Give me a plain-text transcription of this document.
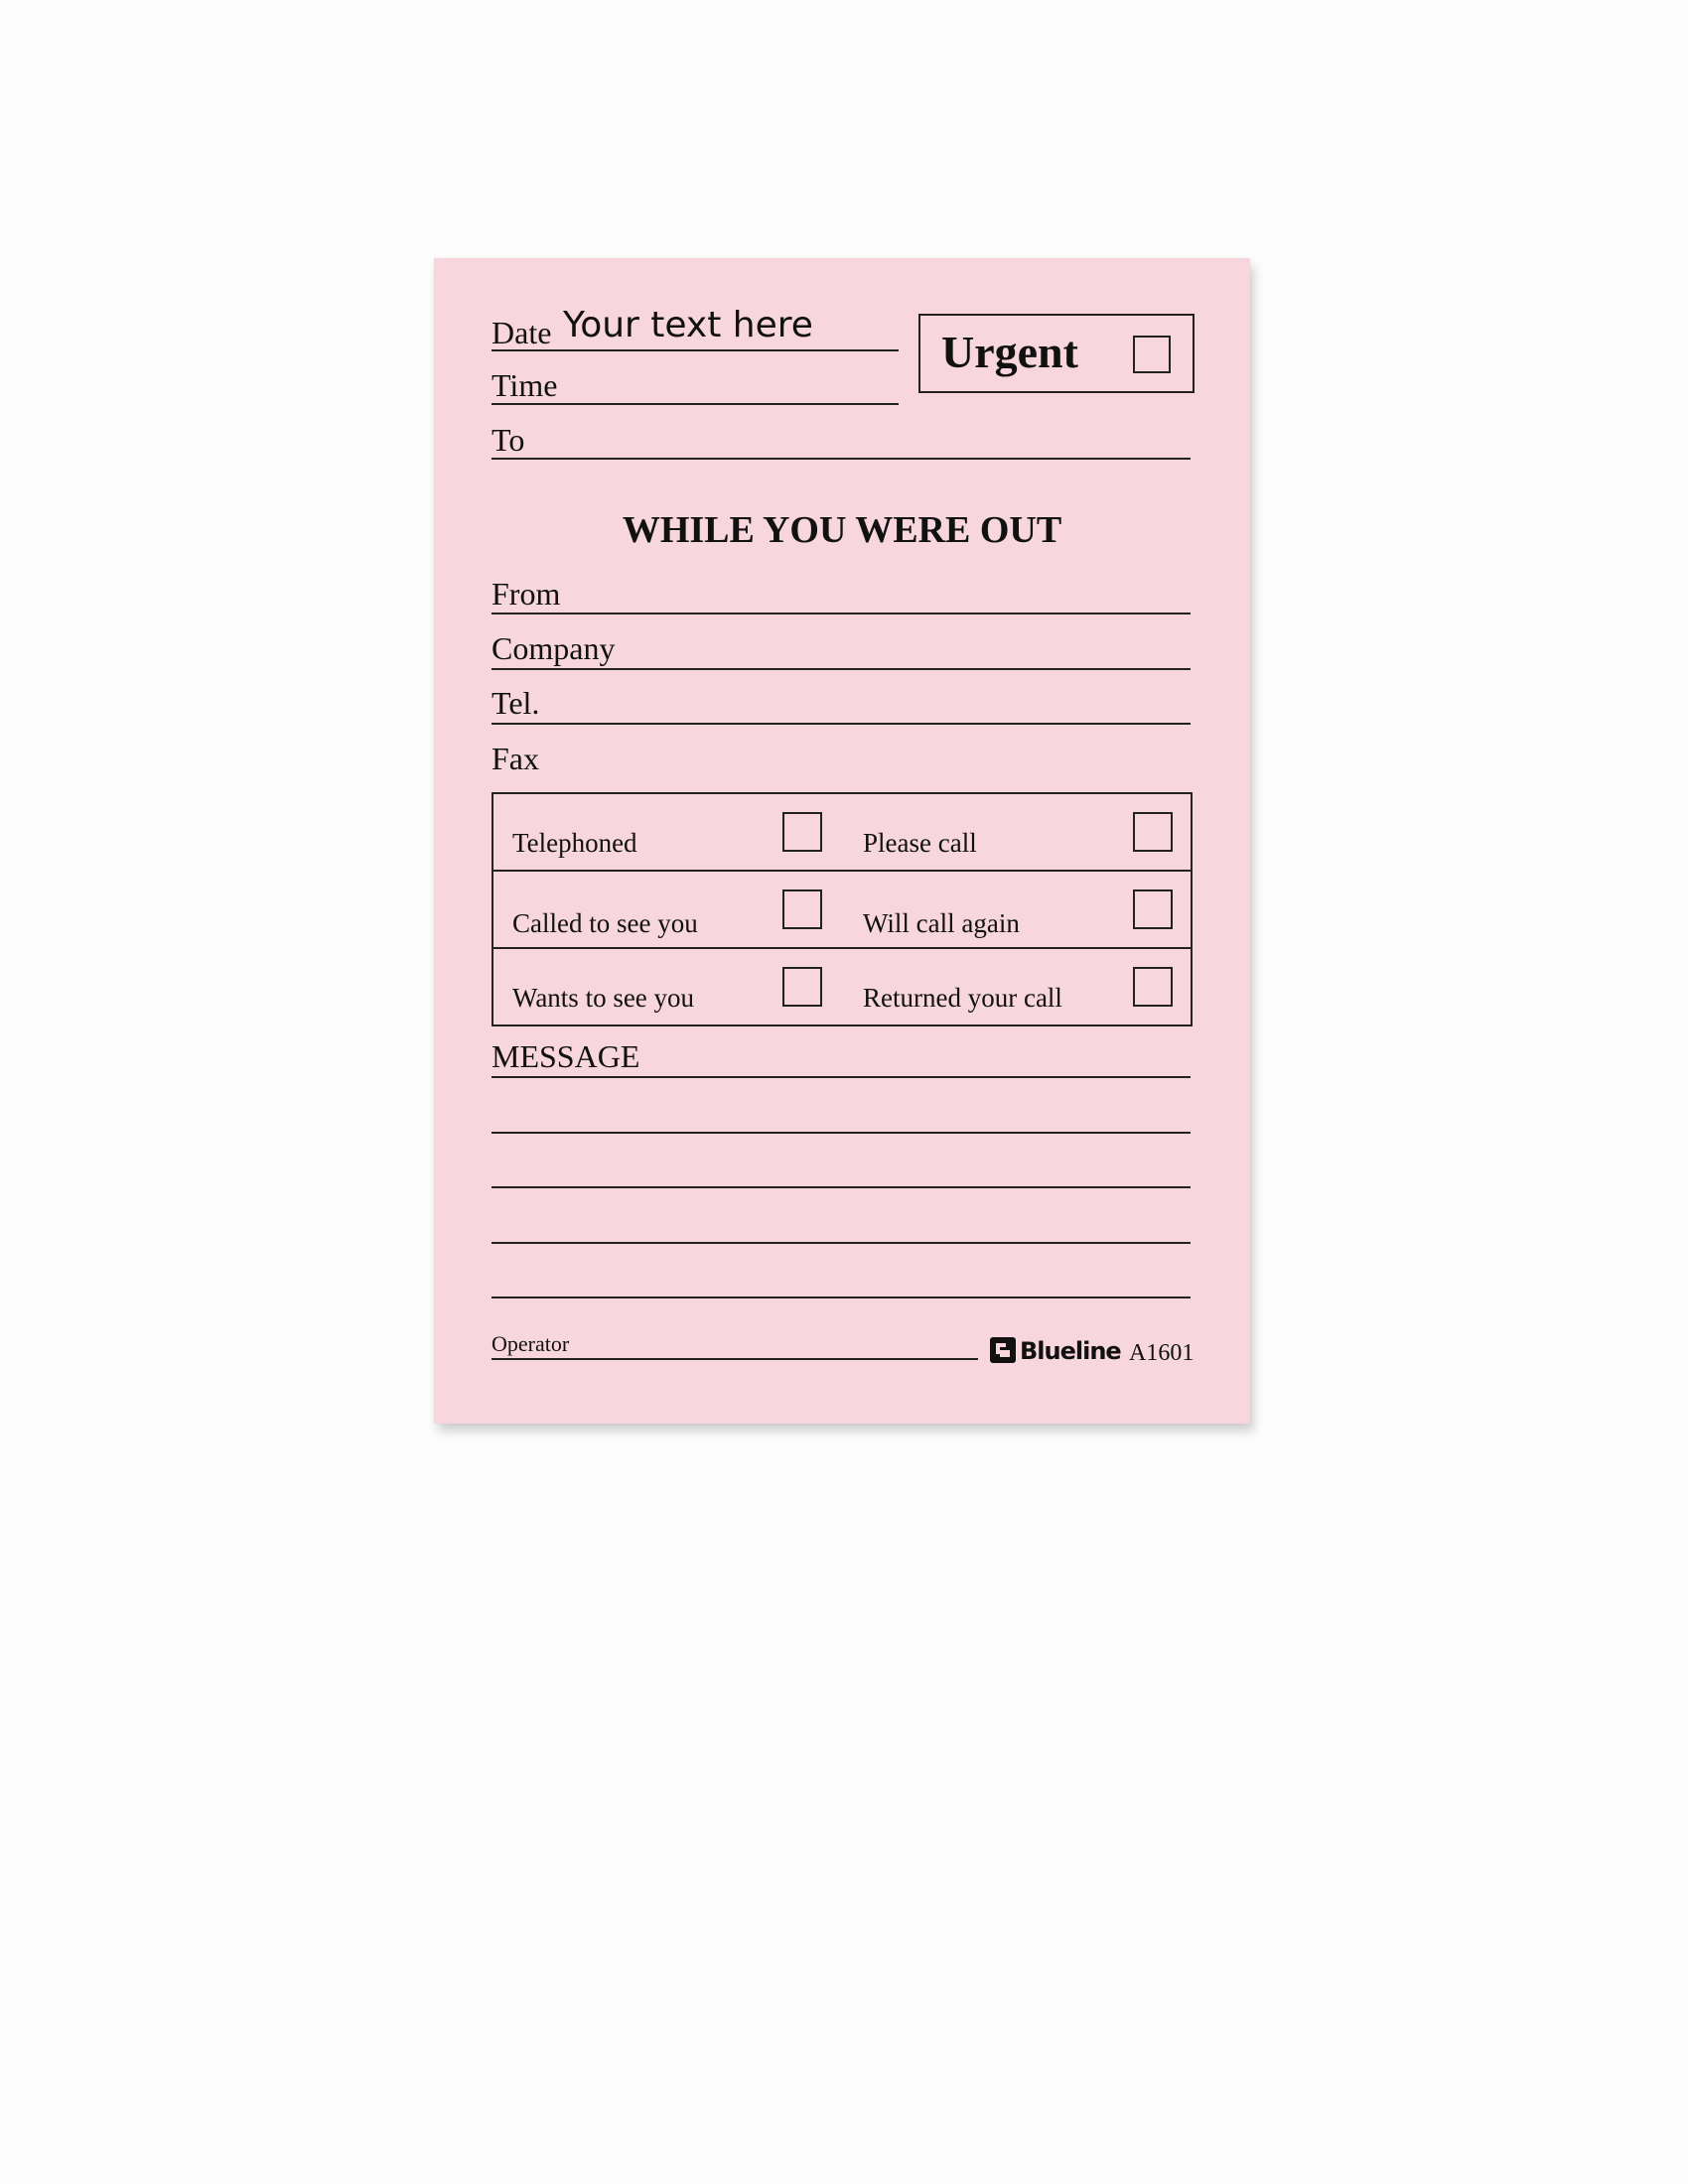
Date Your text here
Time
Urgent
To
WHILE YOU WERE OUT
From
Company
Tel.
Fax
Telephoned	Please call
Called to see you	Will call again
Wants to see you	Returned your call
MESSAGE
Operator	Blueline A1601
